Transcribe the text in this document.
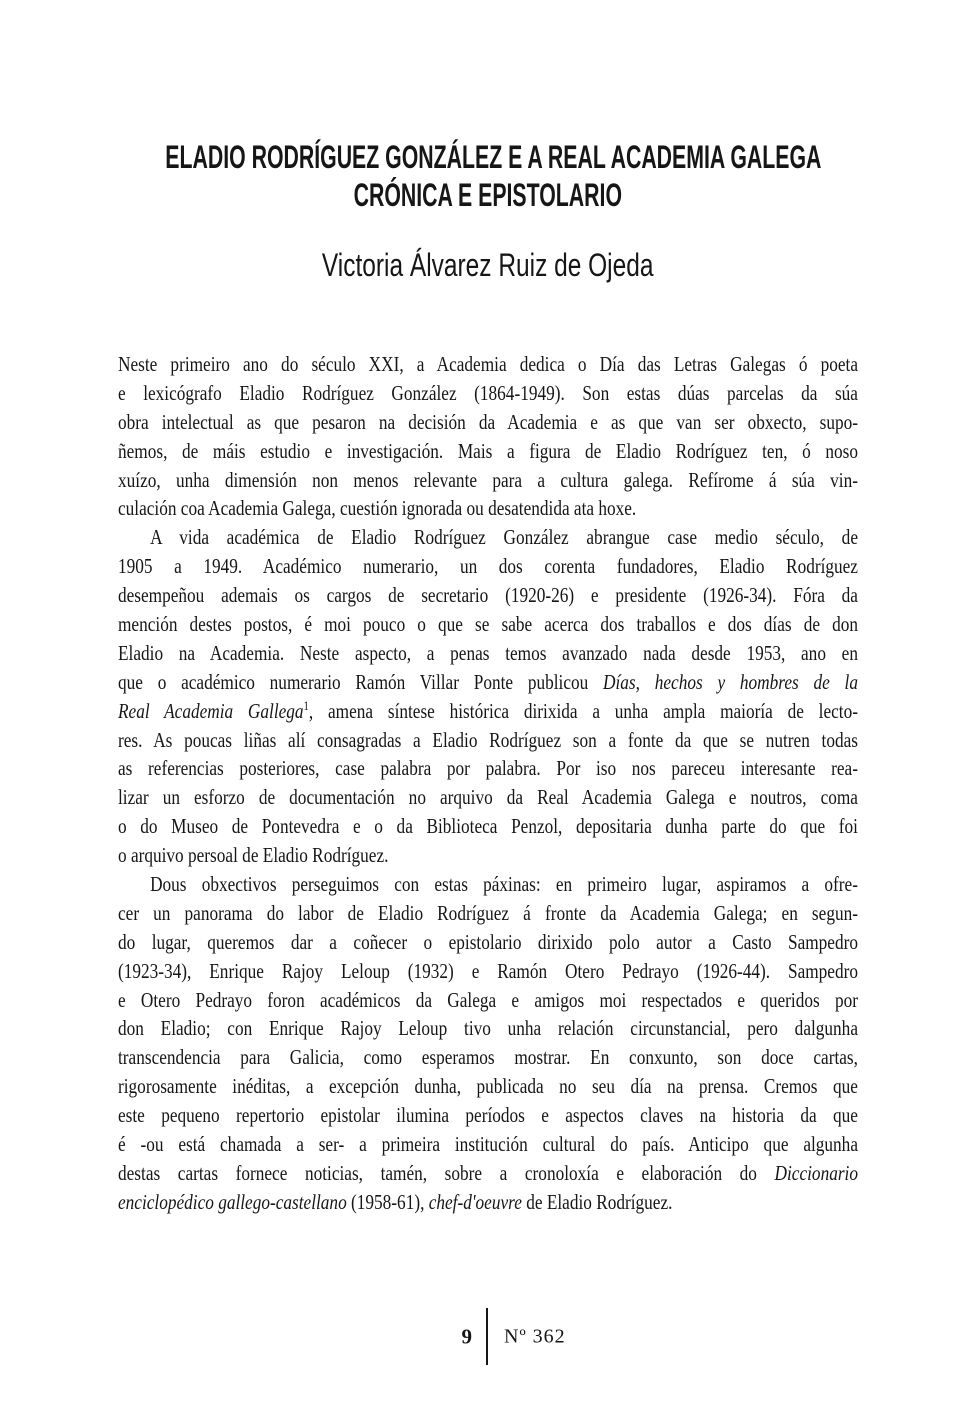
ELADIO RODRÍGUEZ GONZÁLEZ E A REAL ACADEMIA GALEGA
CRÓNICA E EPISTOLARIO
Victoria Álvarez Ruiz de Ojeda
Neste primeiro ano do século XXI, a Academia dedica o Día das Letras Galegas ó poeta
e lexicógrafo Eladio Rodríguez González (1864-1949). Son estas dúas parcelas da súa
obra intelectual as que pesaron na decisión da Academia e as que van ser obxecto, supo-
ñemos, de máis estudio e investigación. Mais a figura de Eladio Rodríguez ten, ó noso
xuízo, unha dimensión non menos relevante para a cultura galega. Refírome á súa vin-
culación coa Academia Galega, cuestión ignorada ou desatendida ata hoxe.
A vida académica de Eladio Rodríguez González abrangue case medio século, de
1905 a 1949. Académico numerario, un dos corenta fundadores, Eladio Rodríguez
desempeñou ademais os cargos de secretario (1920-26) e presidente (1926-34). Fóra da
mención destes postos, é moi pouco o que se sabe acerca dos traballos e dos días de don
Eladio na Academia. Neste aspecto, a penas temos avanzado nada desde 1953, ano en
que o académico numerario Ramón Villar Ponte publicou Días, hechos y hombres de la
Real Academia Gallega$^1$, amena síntese histórica dirixida a unha ampla maioría de lecto-
res. As poucas liñas alí consagradas a Eladio Rodríguez son a fonte da que se nutren todas
as referencias posteriores, case palabra por palabra. Por iso nos pareceu interesante rea-
lizar un esforzo de documentación no arquivo da Real Academia Galega e noutros, coma
o do Museo de Pontevedra e o da Biblioteca Penzol, depositaria dunha parte do que foi
o arquivo persoal de Eladio Rodríguez.
Dous obxectivos perseguimos con estas páxinas: en primeiro lugar, aspiramos a ofre-
cer un panorama do labor de Eladio Rodríguez á fronte da Academia Galega; en segun-
do lugar, queremos dar a coñecer o epistolario dirixido polo autor a Casto Sampedro
(1923-34), Enrique Rajoy Leloup (1932) e Ramón Otero Pedrayo (1926-44). Sampedro
e Otero Pedrayo foron académicos da Galega e amigos moi respectados e queridos por
don Eladio; con Enrique Rajoy Leloup tivo unha relación circunstancial, pero dalgunha
transcendencia para Galicia, como esperamos mostrar. En conxunto, son doce cartas,
rigorosamente inéditas, a excepción dunha, publicada no seu día na prensa. Cremos que
este pequeno repertorio epistolar ilumina períodos e aspectos claves na historia da que
é -ou está chamada a ser- a primeira institución cultural do país. Anticipo que algunha
destas cartas fornece noticias, tamén, sobre a cronoloxía e elaboración do Diccionario
enciclopédico gallego-castellano (1958-61), chef-d'oeuvre de Eladio Rodríguez.
9 Nº 362
